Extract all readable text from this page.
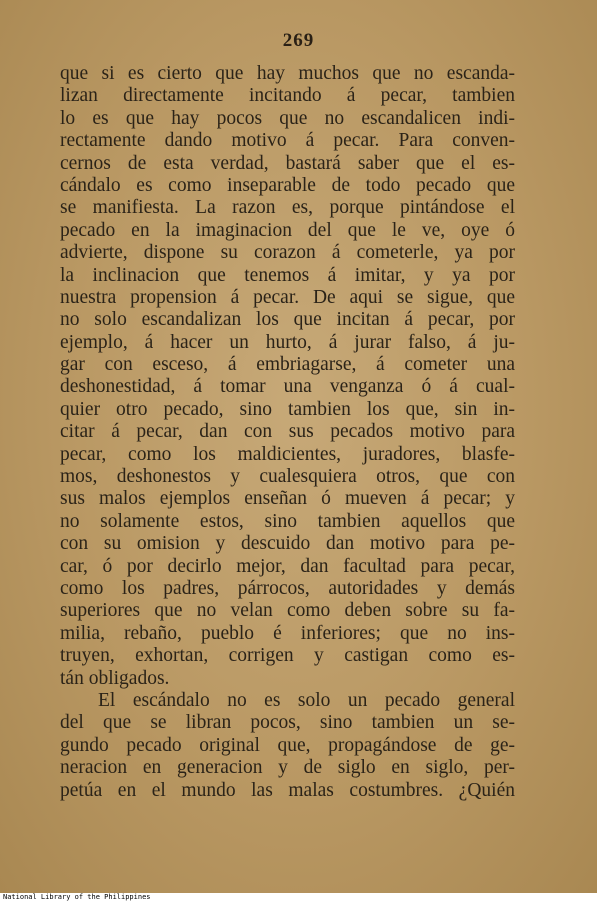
269
que si es cierto que hay muchos que no escanda-
lizan directamente incitando á pecar, tambien
lo es que hay pocos que no escandalicen indi-
rectamente dando motivo á pecar. Para conven-
cernos de esta verdad, bastará saber que el es-
cándalo es como inseparable de todo pecado que
se manifiesta. La razon es, porque pintándose el
pecado en la imaginacion del que le ve, oye ó
advierte, dispone su corazon á cometerle, ya por
la inclinacion que tenemos á imitar, y ya por
nuestra propension á pecar. De aqui se sigue, que
no solo escandalizan los que incitan á pecar, por
ejemplo, á hacer un hurto, á jurar falso, á ju-
gar con esceso, á embriagarse, á cometer una
deshonestidad, á tomar una venganza ó á cual-
quier otro pecado, sino tambien los que, sin in-
citar á pecar, dan con sus pecados motivo para
pecar, como los maldicientes, juradores, blasfe-
mos, deshonestos y cualesquiera otros, que con
sus malos ejemplos enseñan ó mueven á pecar; y
no solamente estos, sino tambien aquellos que
con su omision y descuido dan motivo para pe-
car, ó por decirlo mejor, dan facultad para pecar,
como los padres, párrocos, autoridades y demás
superiores que no velan como deben sobre su fa-
milia, rebaño, pueblo é inferiores; que no ins-
truyen, exhortan, corrigen y castigan como es-
tán obligados.
El escándalo no es solo un pecado general
del que se libran pocos, sino tambien un se-
gundo pecado original que, propagándose de ge-
neracion en generacion y de siglo en siglo, per-
petúa en el mundo las malas costumbres. ¿Quién
National Library of the Philippines
